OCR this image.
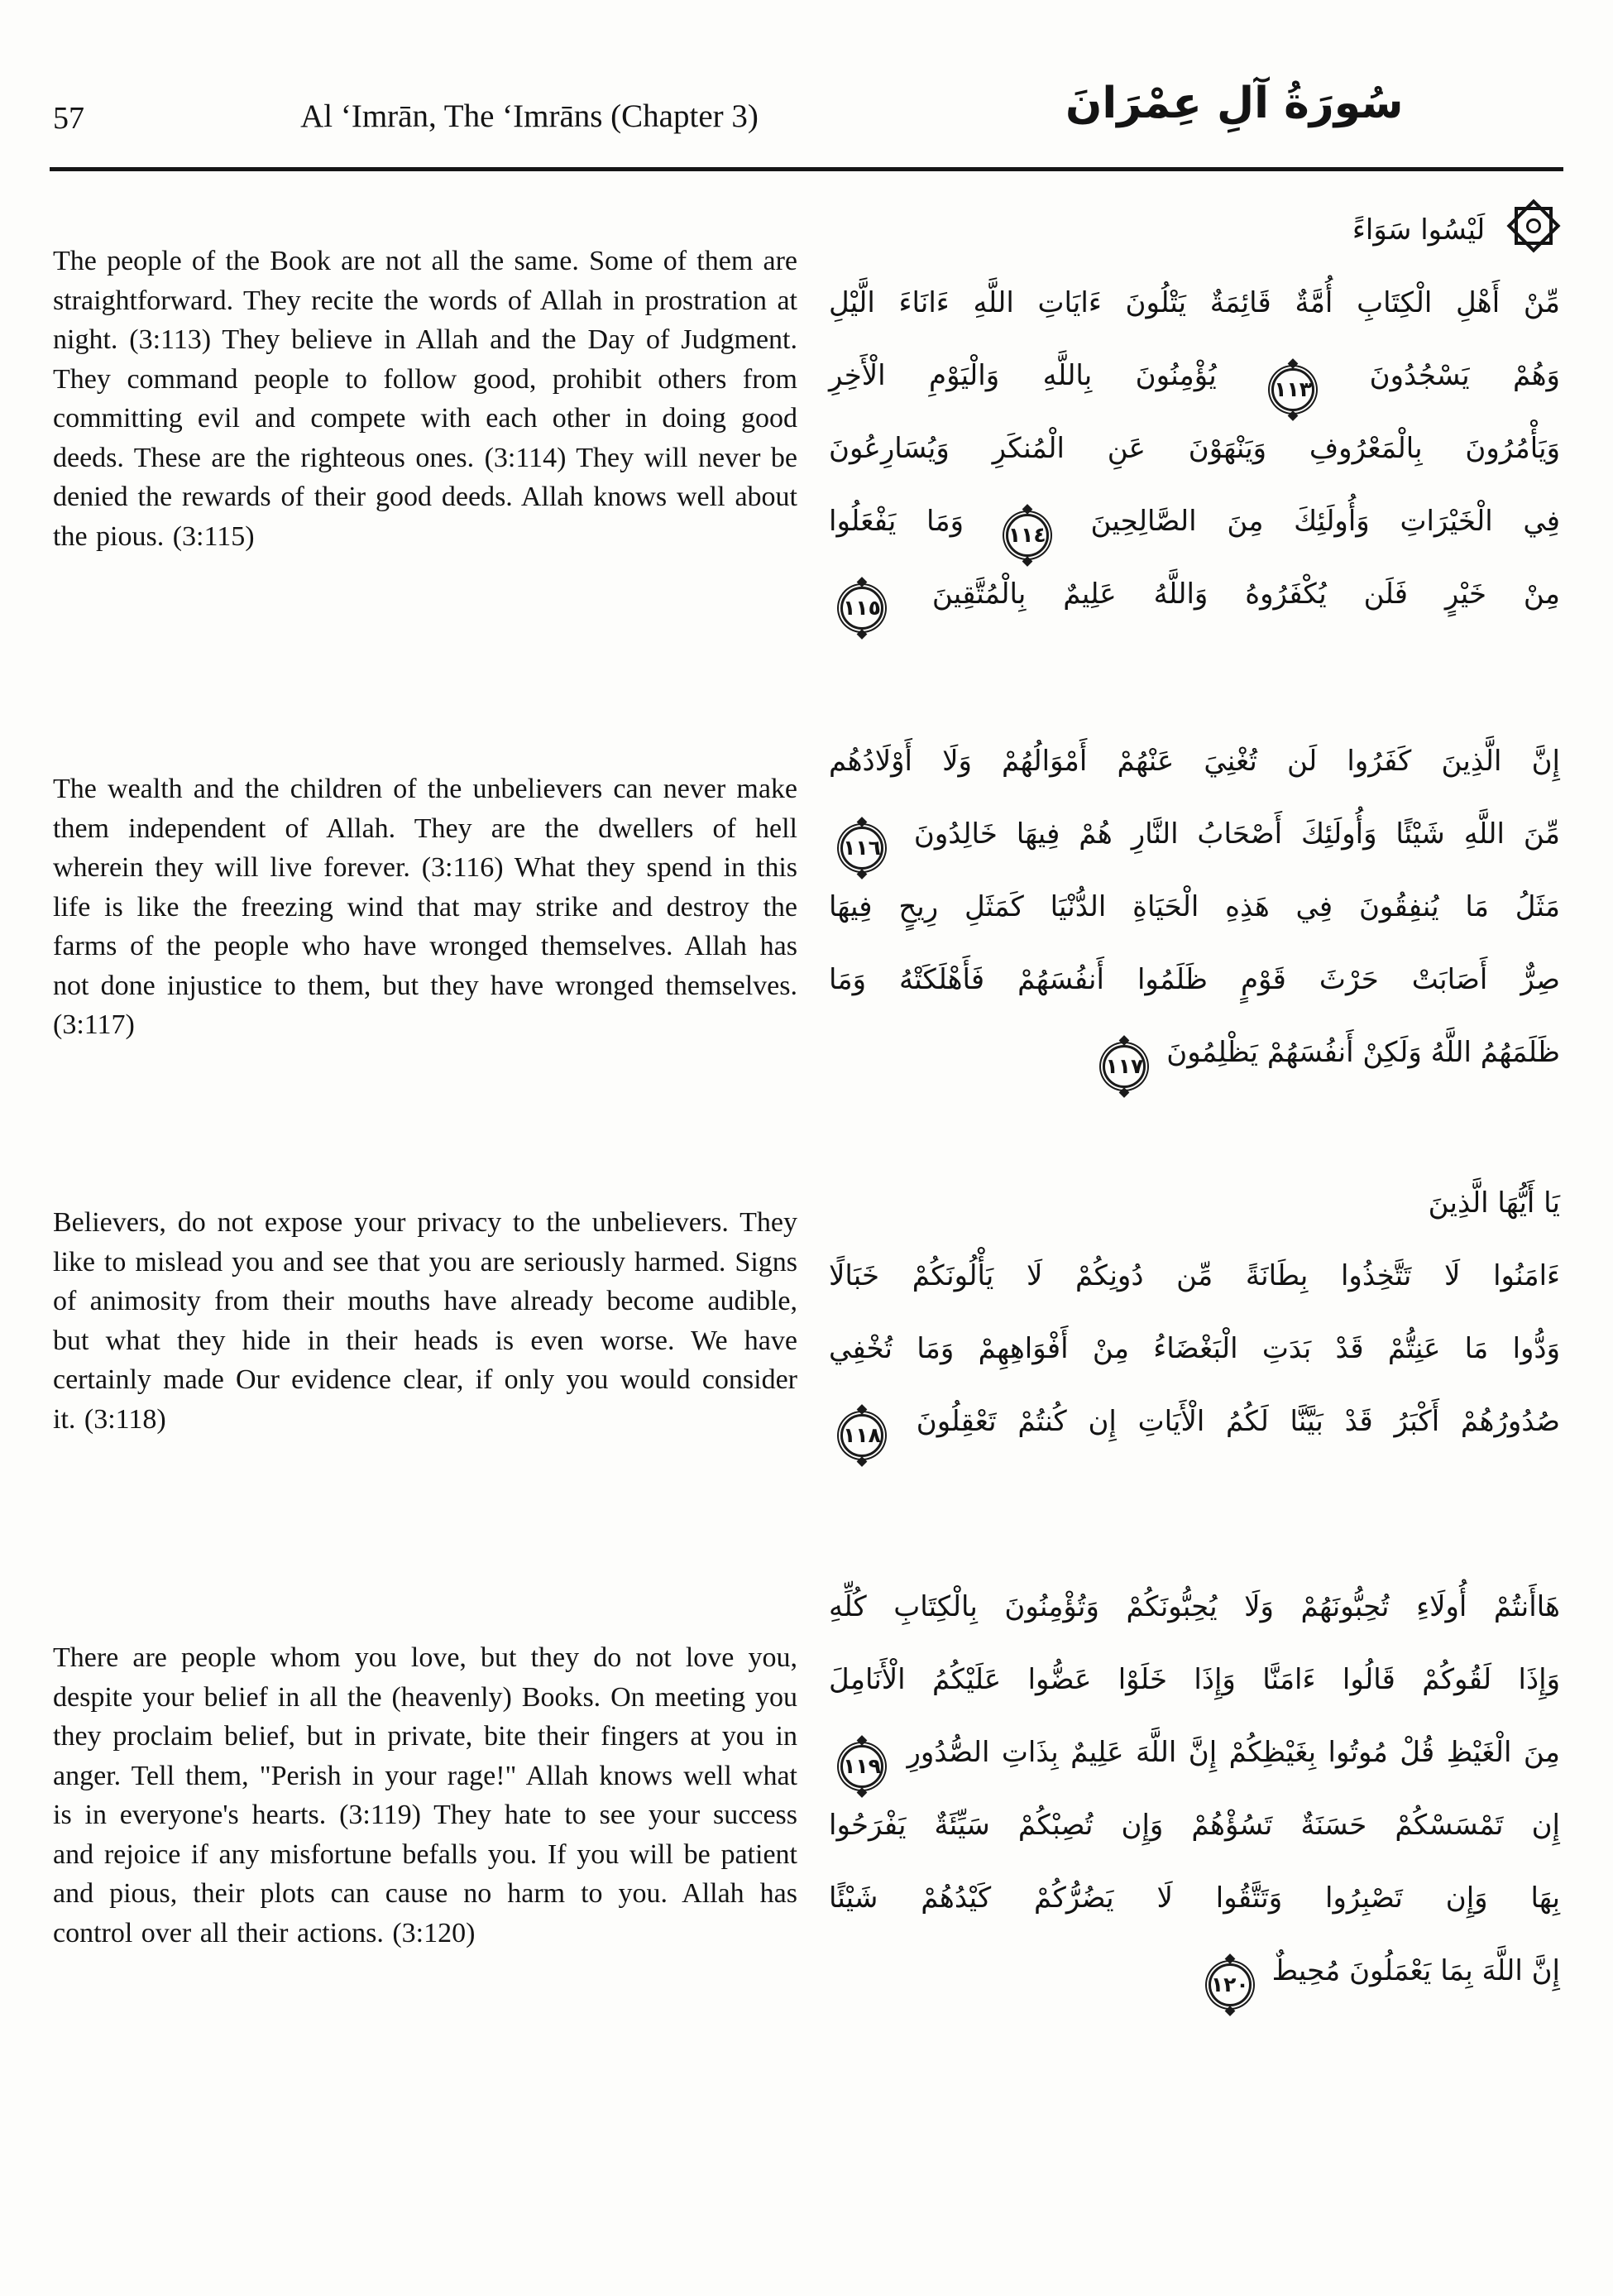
57	Al ‘Imrān, The ‘Imrāns (Chapter 3)	سُورَةُ آلِ عِمْرَانَ

The people of the Book are not all the same. Some of them are straightforward. They recite the words of Allah in prostration at night. (3:113) They believe in Allah and the Day of Judgment. They command people to follow good, prohibit others from committing evil and compete with each other in doing good deeds. These are the righteous ones. (3:114) They will never be denied the rewards of their good deeds. Allah knows well about the pious. (3:115)

The wealth and the children of the unbelievers can never make them independent of Allah. They are the dwellers of hell wherein they will live forever. (3:116) What they spend in this life is like the freezing wind that may strike and destroy the farms of the people who have wronged themselves. Allah has not done injustice to them, but they have wronged themselves. (3:117)

Believers, do not expose your privacy to the unbelievers. They like to mislead you and see that you are seriously harmed. Signs of animosity from their mouths have already become audible, but what they hide in their heads is even worse. We have certainly made Our evidence clear, if only you would consider it. (3:118)

There are people whom you love, but they do not love you, despite your belief in all the (heavenly) Books. On meeting you they proclaim belief, but in private, bite their fingers at you in anger. Tell them, "Perish in your rage!" Allah knows well what is in everyone's hearts. (3:119) They hate to see your success and rejoice if any misfortune befalls you. If you will be patient and pious, their plots can cause no harm to you. Allah has control over all their actions. (3:120)

لَيْسُوا سَوَاءً
مِّنْ أَهْلِ الْكِتَابِ أُمَّةٌ قَائِمَةٌ يَتْلُونَ ءَايَاتِ اللَّهِ ءَانَاءَ الَّيْلِ
وَهُمْ يَسْجُدُونَ
١١٣
يُؤْمِنُونَ بِاللَّهِ وَالْيَوْمِ الْأَخِرِ
وَيَأْمُرُونَ بِالْمَعْرُوفِ وَيَنْهَوْنَ عَنِ الْمُنكَرِ وَيُسَارِعُونَ
فِي الْخَيْرَاتِ وَأُولَئِكَ مِنَ الصَّالِحِينَ
١١٤
وَمَا يَفْعَلُوا
مِنْ خَيْرٍ فَلَن يُكْفَرُوهُ وَاللَّهُ عَلِيمٌ بِالْمُتَّقِينَ
١١٥
إِنَّ الَّذِينَ كَفَرُوا لَن تُغْنِيَ عَنْهُمْ أَمْوَالُهُمْ وَلَا أَوْلَادُهُم
مِّنَ اللَّهِ شَيْئًا وَأُولَئِكَ أَصْحَابُ النَّارِ هُمْ فِيهَا خَالِدُونَ
١١٦
مَثَلُ مَا يُنفِقُونَ فِي هَذِهِ الْحَيَاةِ الدُّنْيَا كَمَثَلِ رِيحٍ فِيهَا
صِرٌّ أَصَابَتْ حَرْثَ قَوْمٍ ظَلَمُوا أَنفُسَهُمْ فَأَهْلَكَتْهُ وَمَا
ظَلَمَهُمُ اللَّهُ وَلَكِنْ أَنفُسَهُمْ يَظْلِمُونَ
١١٧
يَا أَيُّهَا الَّذِينَ
ءَامَنُوا لَا تَتَّخِذُوا بِطَانَةً مِّن دُونِكُمْ لَا يَأْلُونَكُمْ خَبَالًا
وَدُّوا مَا عَنِتُّمْ قَدْ بَدَتِ الْبَغْضَاءُ مِنْ أَفْوَاهِهِمْ وَمَا تُخْفِي
صُدُورُهُمْ أَكْبَرُ قَدْ بَيَّنَّا لَكُمُ الْأَيَاتِ إِن كُنتُمْ تَعْقِلُونَ
١١٨
هَاأَنتُمْ أُولَاءِ تُحِبُّونَهُمْ وَلَا يُحِبُّونَكُمْ وَتُؤْمِنُونَ بِالْكِتَابِ كُلِّهِ
وَإِذَا لَقُوكُمْ قَالُوا ءَامَنَّا وَإِذَا خَلَوْا عَضُّوا عَلَيْكُمُ الْأَنَامِلَ
مِنَ الْغَيْظِ قُلْ مُوتُوا بِغَيْظِكُمْ إِنَّ اللَّهَ عَلِيمٌ بِذَاتِ الصُّدُورِ
١١٩
إِن تَمْسَسْكُمْ حَسَنَةٌ تَسُؤْهُمْ وَإِن تُصِبْكُمْ سَيِّئَةٌ يَفْرَحُوا
بِهَا وَإِن تَصْبِرُوا وَتَتَّقُوا لَا يَضُرُّكُمْ كَيْدُهُمْ شَيْئًا
إِنَّ اللَّهَ بِمَا يَعْمَلُونَ مُحِيطٌ
١٢٠
